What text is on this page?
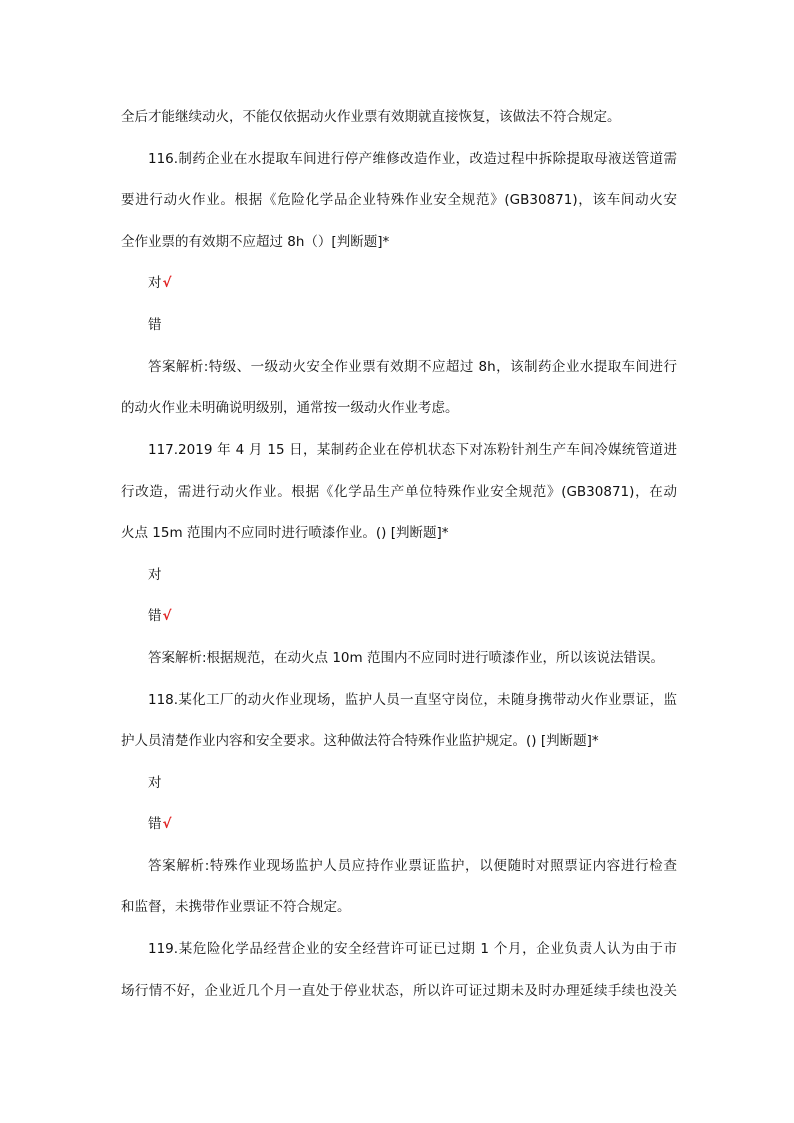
全后才能继续动火，不能仅依据动火作业票有效期就直接恢复，该做法不符合规定。
116.制药企业在水提取车间进行停产维修改造作业，改造过程中拆除提取母液送管道需
要进行动火作业。根据《危险化学品企业特殊作业安全规范》(GB30871)，该车间动火安
全作业票的有效期不应超过 8h（）[判断题]*
对√
错
答案解析:特级、一级动火安全作业票有效期不应超过 8h，该制药企业水提取车间进行
的动火作业未明确说明级别，通常按一级动火作业考虑。
117.2019 年 4 月 15 日，某制药企业在停机状态下对冻粉针剂生产车间冷媒统管道进
行改造，需进行动火作业。根据《化学品生产单位特殊作业安全规范》(GB30871)，在动
火点 15m 范围内不应同时进行喷漆作业。() [判断题]*
对
错√
答案解析:根据规范，在动火点 10m 范围内不应同时进行喷漆作业，所以该说法错误。
118.某化工厂的动火作业现场，监护人员一直坚守岗位，未随身携带动火作业票证，监
护人员清楚作业内容和安全要求。这种做法符合特殊作业监护规定。() [判断题]*
对
错√
答案解析:特殊作业现场监护人员应持作业票证监护，以便随时对照票证内容进行检查
和监督，未携带作业票证不符合规定。
119.某危险化学品经营企业的安全经营许可证已过期 1 个月，企业负责人认为由于市
场行情不好，企业近几个月一直处于停业状态，所以许可证过期未及时办理延续手续也没关
